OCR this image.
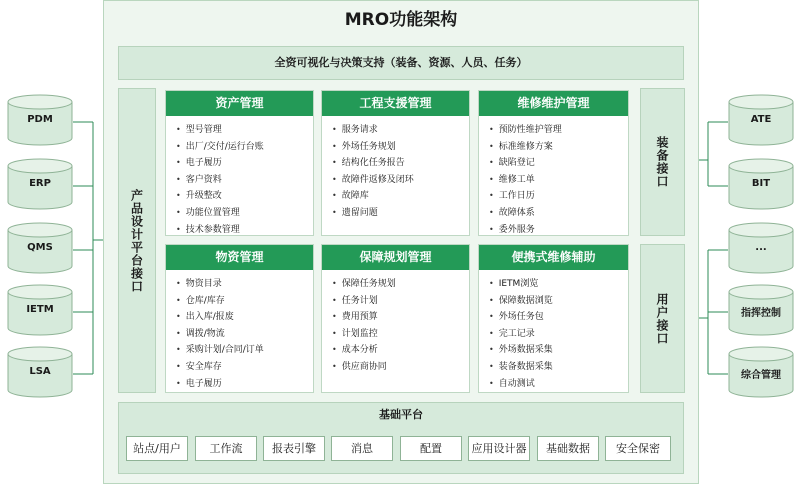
MRO功能架构
全资可视化与决策支持（装备、资源、人员、任务）
产品设计平台接口
装备接口
用户接口
资产管理
• 型号管理
• 出厂/交付/运行台账
• 电子履历
• 客户资料
• 升级整改
• 功能位置管理
• 技术参数管理
工程支援管理
• 服务请求
• 外场任务规划
• 结构化任务报告
• 故障件返修及闭环
• 故障库
• 遗留问题
维修维护管理
• 预防性维护管理
• 标准维修方案
• 缺陷登记
• 维修工单
• 工作日历
• 故障体系
• 委外服务
物资管理
• 物资目录
• 仓库/库存
• 出入库/报废
• 调拨/物流
• 采购计划/合同/订单
• 安全库存
• 电子履历
保障规划管理
• 保障任务规划
• 任务计划
• 费用预算
• 计划监控
• 成本分析
• 供应商协同
便携式维修辅助
• IETM浏览
• 保障数据浏览
• 外场任务包
• 完工记录
• 外场数据采集
• 装备数据采集
• 自动测试
基础平台
站点/用户	工作流	报表引擎	消息	配置	应用设计器	基础数据	安全保密
PDM
ERP
QMS
IETM
LSA
ATE
BIT
...
指挥控制
综合管理
